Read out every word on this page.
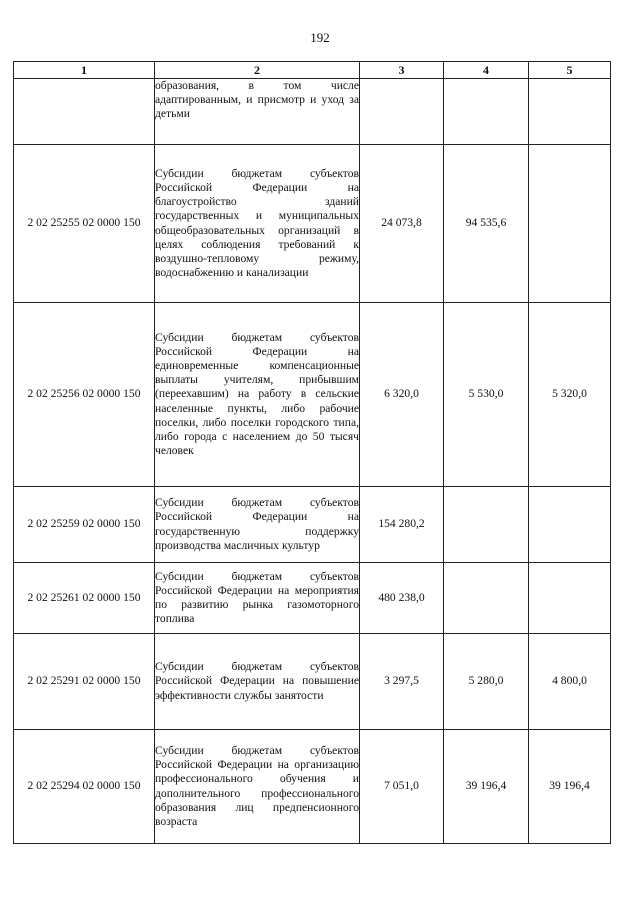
192
1	2	3	4	5
	образования, в том числе адаптированным, и присмотр и уход за детьми			
2 02 25255 02 0000 150	Субсидии бюджетам субъектов Российской Федерации на благоустройство зданий государственных и муниципальных общеобразовательных организаций в целях соблюдения требований к воздушно-тепловому режиму, водоснабжению и канализации	24 073,8	94 535,6	
2 02 25256 02 0000 150	Субсидии бюджетам субъектов Российской Федерации на единовременные компенсационные выплаты учителям, прибывшим (переехавшим) на работу в сельские населенные пункты, либо рабочие поселки, либо поселки городского типа, либо города с населением до 50 тысяч человек	6 320,0	5 530,0	5 320,0
2 02 25259 02 0000 150	Субсидии бюджетам субъектов Российской Федерации на государственную поддержку производства масличных культур	154 280,2		
2 02 25261 02 0000 150	Субсидии бюджетам субъектов Российской Федерации на мероприятия по развитию рынка газомоторного топлива	480 238,0		
2 02 25291 02 0000 150	Субсидии бюджетам субъектов Российской Федерации на повышение эффективности службы занятости	3 297,5	5 280,0	4 800,0
2 02 25294 02 0000 150	Субсидии бюджетам субъектов Российской Федерации на организацию профессионального обучения и дополнительного профессионального образования лиц предпенсионного возраста	7 051,0	39 196,4	39 196,4
